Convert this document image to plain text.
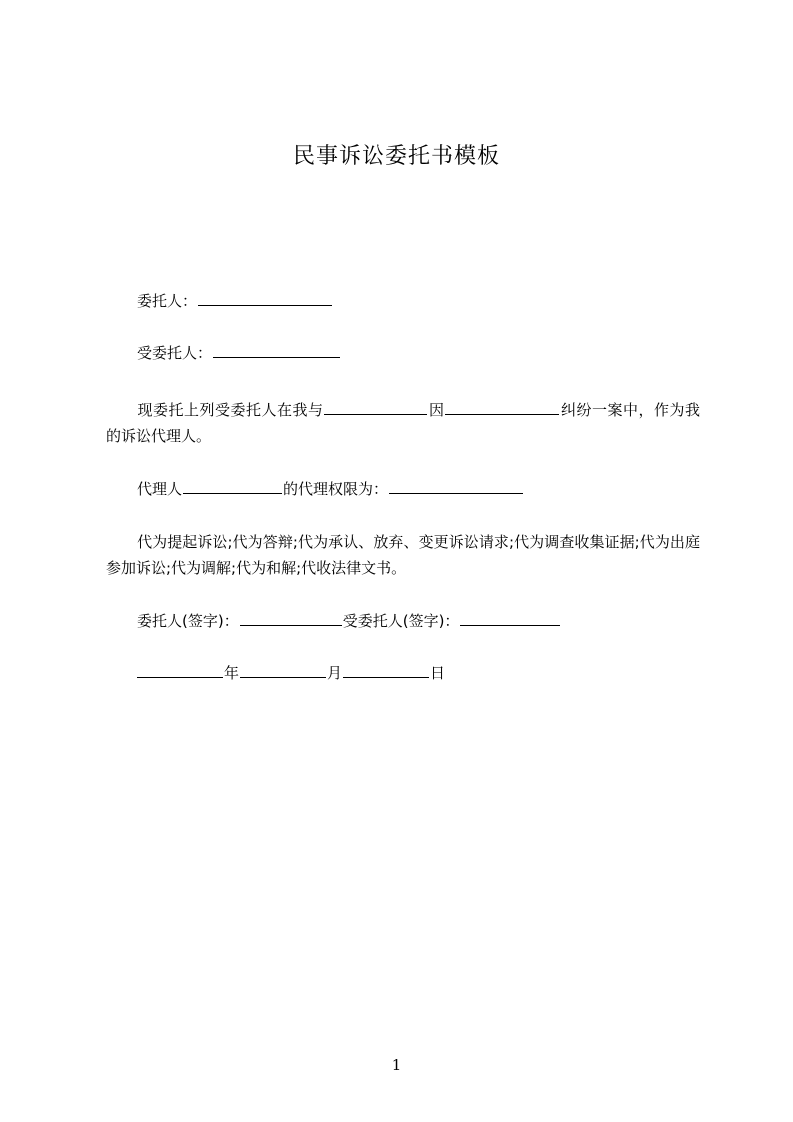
民事诉讼委托书模板
委托人：
受委托人：
现委托上列受委托人在我与	因	纠纷一案中，作为我的诉讼代理人。
代理人	的代理权限为：
代为提起诉讼;代为答辩;代为承认、放弃、变更诉讼请求;代为调查收集证据;代为出庭参加诉讼;代为调解;代为和解;代收法律文书。
委托人(签字)：	受委托人(签字)：
年	月	日
1
